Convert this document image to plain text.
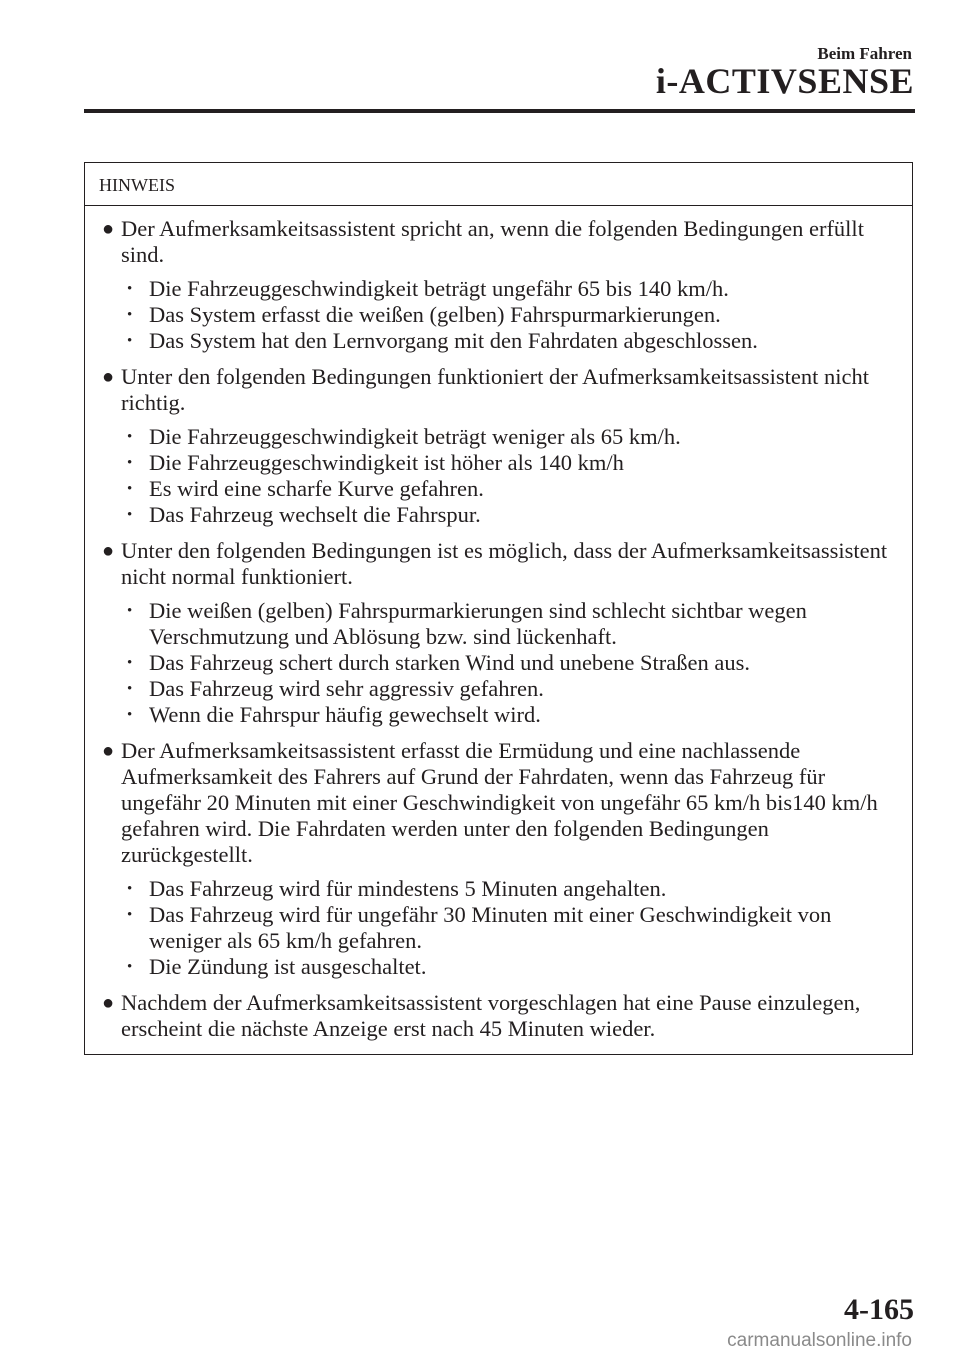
Beim Fahren
i-ACTIVSENSE
HINWEIS
● Der Aufmerksamkeitsassistent spricht an, wenn die folgenden Bedingungen erfüllt sind.
• Die Fahrzeuggeschwindigkeit beträgt ungefähr 65 bis 140 km/h.
• Das System erfasst die weißen (gelben) Fahrspurmarkierungen.
• Das System hat den Lernvorgang mit den Fahrdaten abgeschlossen.
● Unter den folgenden Bedingungen funktioniert der Aufmerksamkeitsassistent nicht richtig.
• Die Fahrzeuggeschwindigkeit beträgt weniger als 65 km/h.
• Die Fahrzeuggeschwindigkeit ist höher als 140 km/h
• Es wird eine scharfe Kurve gefahren.
• Das Fahrzeug wechselt die Fahrspur.
● Unter den folgenden Bedingungen ist es möglich, dass der Aufmerksamkeitsassistent nicht normal funktioniert.
• Die weißen (gelben) Fahrspurmarkierungen sind schlecht sichtbar wegen Verschmutzung und Ablösung bzw. sind lückenhaft.
• Das Fahrzeug schert durch starken Wind und unebene Straßen aus.
• Das Fahrzeug wird sehr aggressiv gefahren.
• Wenn die Fahrspur häufig gewechselt wird.
● Der Aufmerksamkeitsassistent erfasst die Ermüdung und eine nachlassende Aufmerksamkeit des Fahrers auf Grund der Fahrdaten, wenn das Fahrzeug für ungefähr 20 Minuten mit einer Geschwindigkeit von ungefähr 65 km/h bis140 km/h gefahren wird. Die Fahrdaten werden unter den folgenden Bedingungen zurückgestellt.
• Das Fahrzeug wird für mindestens 5 Minuten angehalten.
• Das Fahrzeug wird für ungefähr 30 Minuten mit einer Geschwindigkeit von weniger als 65 km/h gefahren.
• Die Zündung ist ausgeschaltet.
● Nachdem der Aufmerksamkeitsassistent vorgeschlagen hat eine Pause einzulegen, erscheint die nächste Anzeige erst nach 45 Minuten wieder.
4-165
carmanualsonline.info
